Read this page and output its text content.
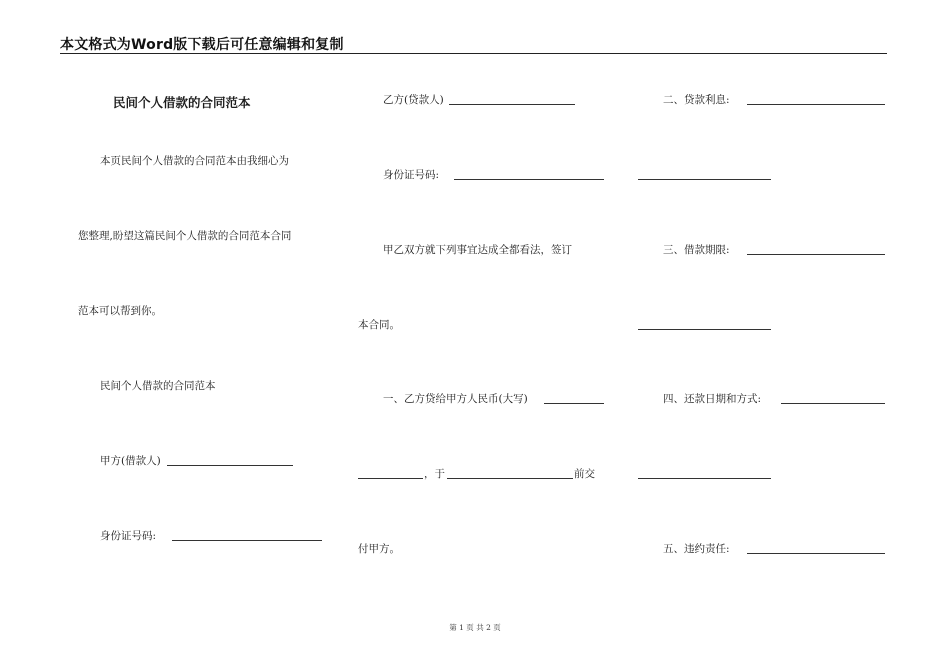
本文格式为Word版下载后可任意编辑和复制
民间个人借款的合同范本
本页民间个人借款的合同范本由我细心为
您整理,盼望这篇民间个人借款的合同范本合同
范本可以帮到你。
民间个人借款的合同范本
甲方(借款人)
身份证号码:
乙方(贷款人)
身份证号码:
甲乙双方就下列事宜达成全都看法，签订
本合同。
一、乙方贷给甲方人民币(大写)
，于	前交
付甲方。
二、贷款利息:
三、借款期限:
四、还款日期和方式:
五、违约责任:
第 1 页 共 2 页
